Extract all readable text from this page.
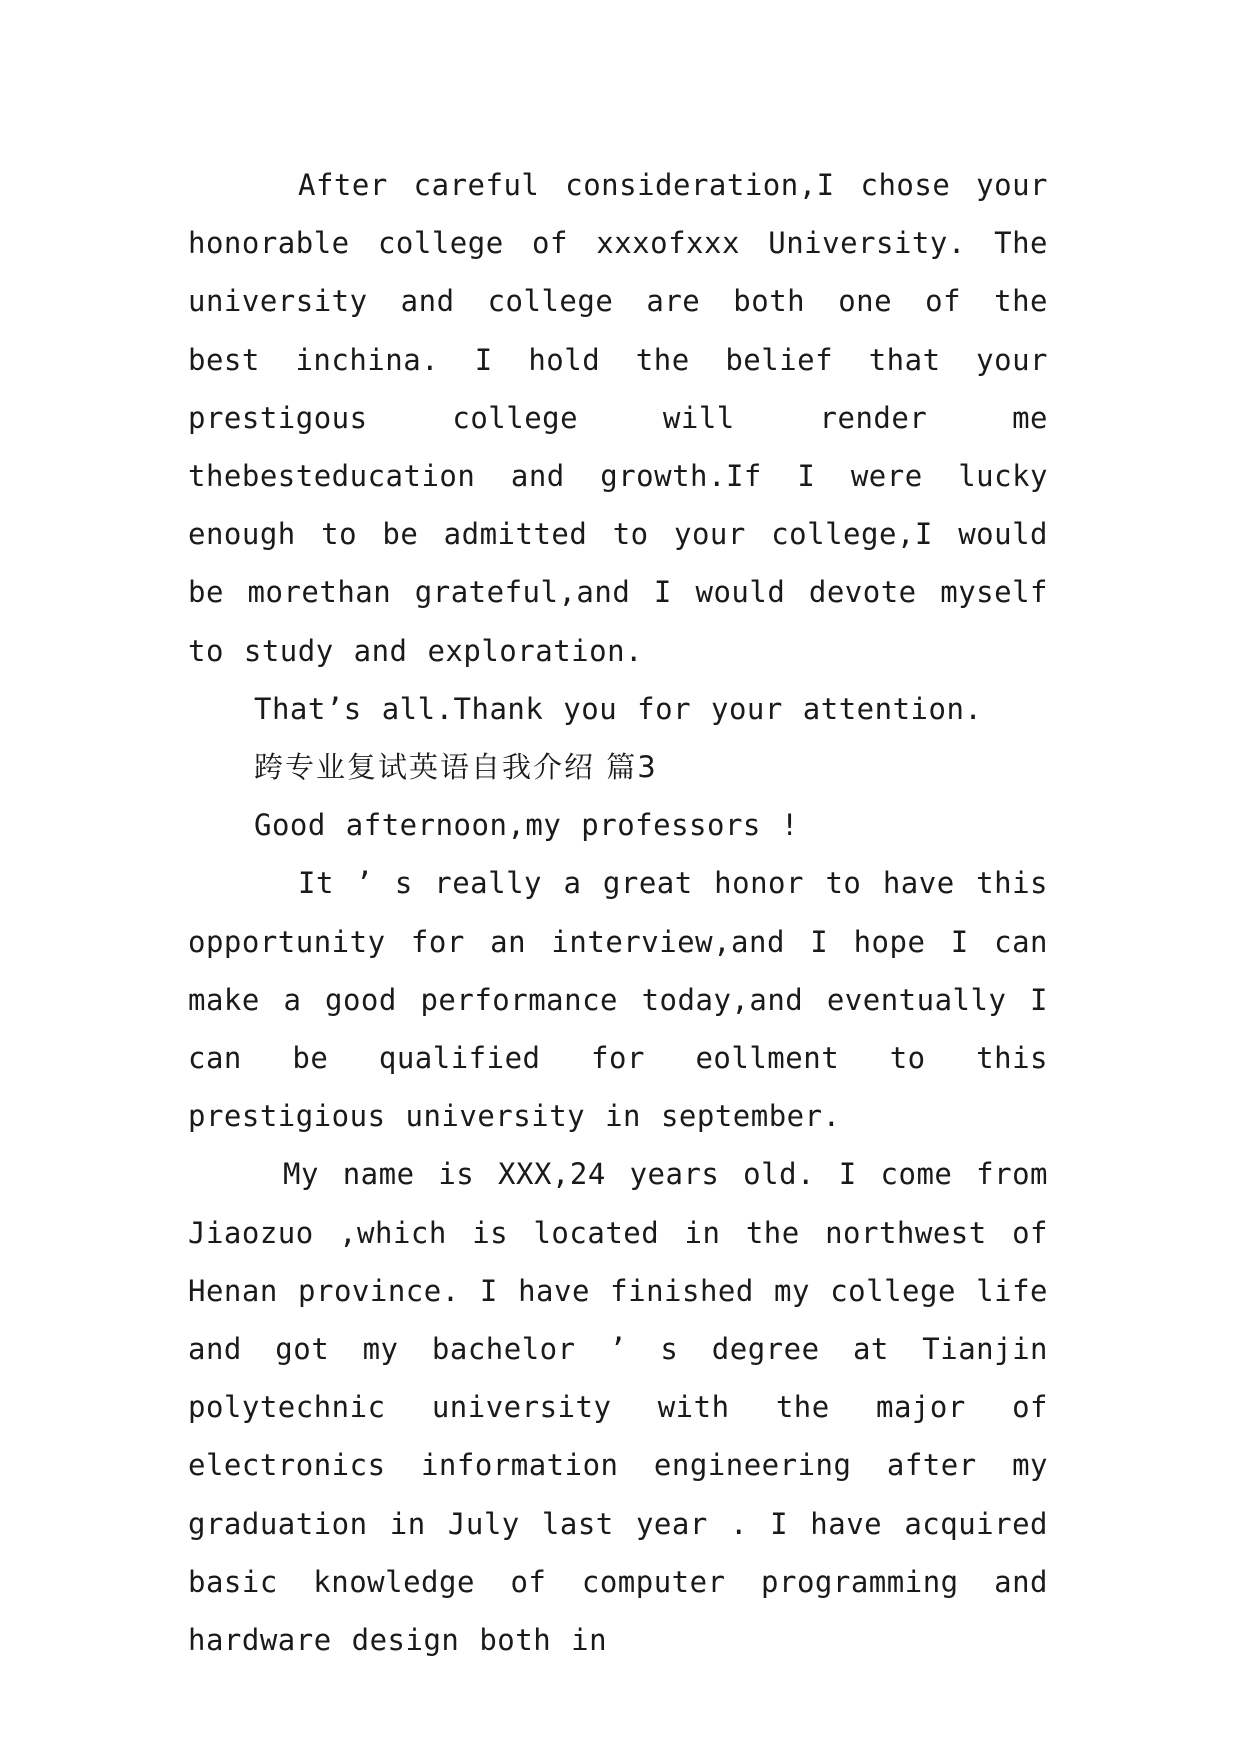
After careful consideration,I chose your honorable college of xxxofxxx University. The university and college are both one of the best inchina. I hold the belief that your prestigous college will render me thebesteducation and growth.If I were lucky enough to be admitted to your college,I would be morethan grateful,and I would devote myself to study and exploration.

That’s all.Thank you for your attention.

跨专业复试英语自我介绍 篇3

Good afternoon,my professors !

It ’ s really a great honor to have this opportunity for an interview,and I hope I can make a good performance today,and eventually I can be qualified for eollment to this prestigious university in september.

My name is XXX,24 years old. I come from Jiaozuo ,which is located in the northwest of Henan province. I have finished my college life and got my bachelor ’ s degree at Tianjin polytechnic university with the major of electronics information engineering after my graduation in July last year . I have acquired basic knowledge of computer programming and hardware design both in
